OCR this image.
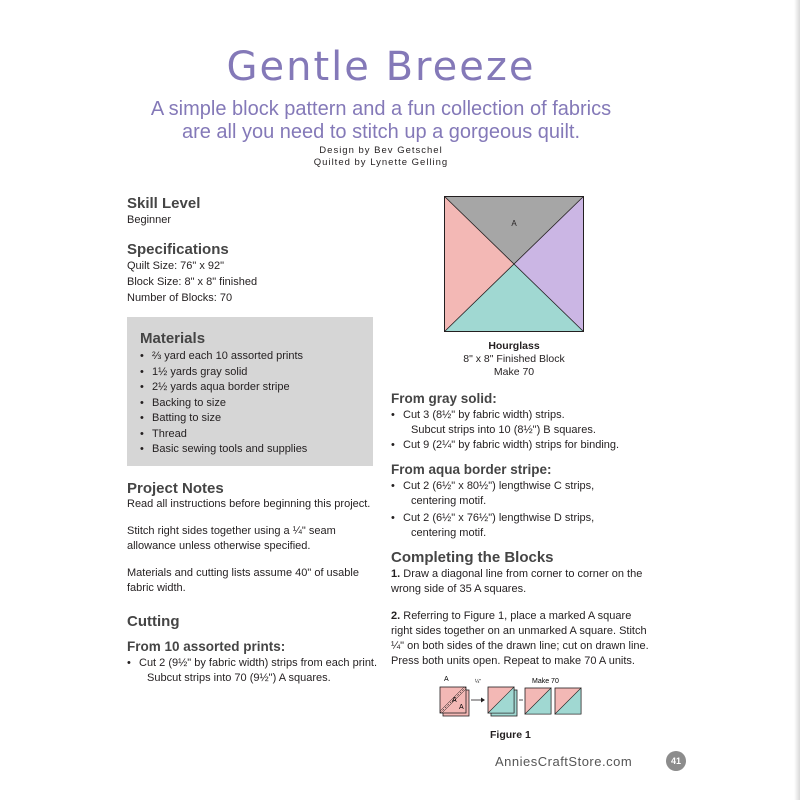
Gentle Breeze
A simple block pattern and a fun collection of fabrics
are all you need to stitch up a gorgeous quilt.
Design by Bev Getschel
Quilted by Lynette Gelling
Skill Level
Beginner
Specifications
Quilt Size: 76" x 92"
Block Size: 8" x 8" finished
Number of Blocks: 70
Materials
• ⅔ yard each 10 assorted prints
• 1½ yards gray solid
• 2½ yards aqua border stripe
• Backing to size
• Batting to size
• Thread
• Basic sewing tools and supplies
Project Notes
Read all instructions before beginning this project.
Stitch right sides together using a ¼" seam
allowance unless otherwise specified.
Materials and cutting lists assume 40" of usable
fabric width.
Cutting
From 10 assorted prints:
• Cut 2 (9½" by fabric width) strips from each print.
Subcut strips into 70 (9½") A squares.
A
Hourglass
8" x 8" Finished Block
Make 70
From gray solid:
• Cut 3 (8½" by fabric width) strips.
Subcut strips into 10 (8½") B squares.
• Cut 9 (2¼" by fabric width) strips for binding.
From aqua border stripe:
• Cut 2 (6½" x 80½") lengthwise C strips,
centering motif.
• Cut 2 (6½" x 76½") lengthwise D strips,
centering motif.
Completing the Blocks
1. Draw a diagonal line from corner to corner on the
wrong side of 35 A squares.
2. Referring to Figure 1, place a marked A square
right sides together on an unmarked A square. Stitch
¼" on both sides of the drawn line; cut on drawn line.
Press both units open. Repeat to make 70 A units.
A
A
A
¼"	Make 70
Figure 1
AnniesCraftStore.com	41
